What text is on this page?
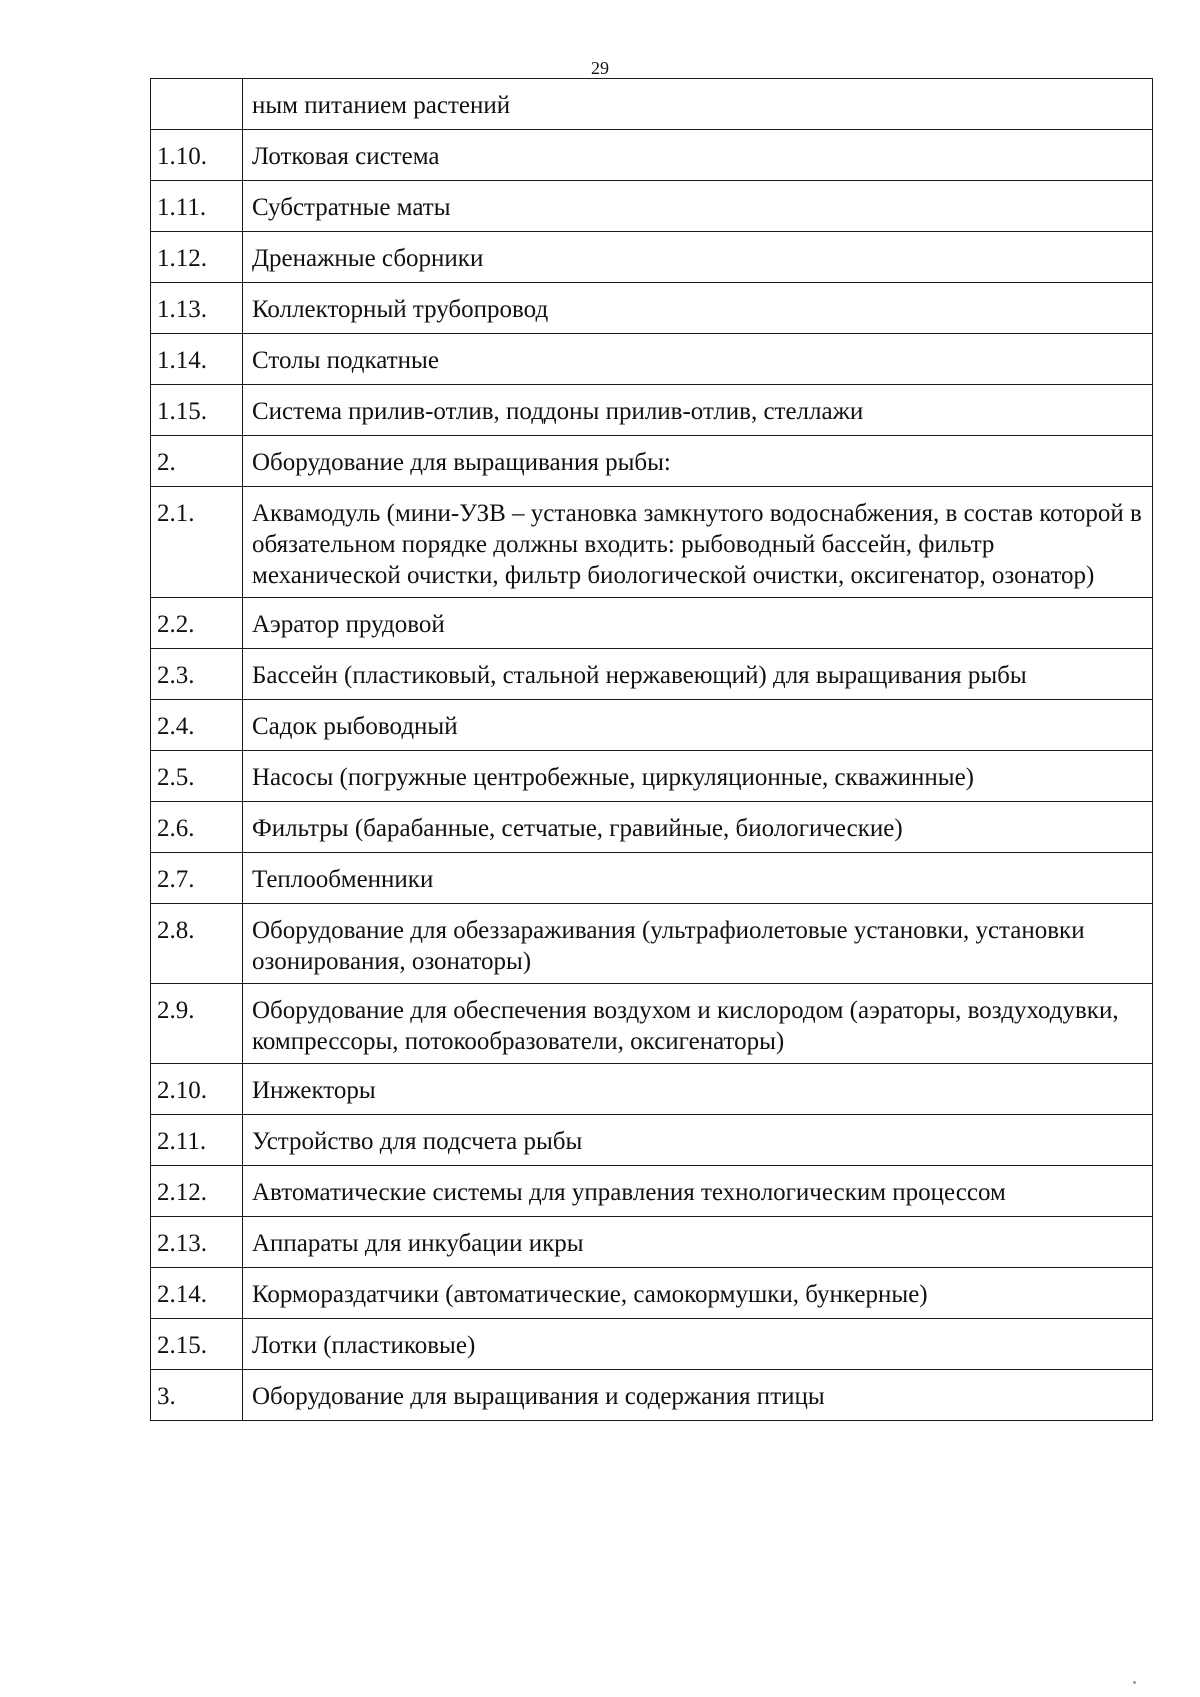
29
	ным питанием растений
1.10.	Лотковая система
1.11.	Субстратные маты
1.12.	Дренажные сборники
1.13.	Коллекторный трубопровод
1.14.	Столы подкатные
1.15.	Система прилив-отлив, поддоны прилив-отлив, стеллажи
2.	Оборудование для выращивания рыбы:
2.1.	Аквамодуль (мини-УЗВ – установка замкнутого водоснабжения, в состав которой в обязательном порядке должны входить: рыбоводный бассейн, фильтр механической очистки, фильтр биологической очистки, оксигенатор, озонатор)
2.2.	Аэратор прудовой
2.3.	Бассейн (пластиковый, стальной нержавеющий) для выращивания рыбы
2.4.	Садок рыбоводный
2.5.	Насосы (погружные центробежные, циркуляционные, скважинные)
2.6.	Фильтры (барабанные, сетчатые, гравийные, биологические)
2.7.	Теплообменники
2.8.	Оборудование для обеззараживания (ультрафиолетовые установки, установки озонирования, озонаторы)
2.9.	Оборудование для обеспечения воздухом и кислородом (аэраторы, воздуходувки, компрессоры, потокообразователи, оксигенаторы)
2.10.	Инжекторы
2.11.	Устройство для подсчета рыбы
2.12.	Автоматические системы для управления технологическим процессом
2.13.	Аппараты для инкубации икры
2.14.	Кормораздатчики (автоматические, самокормушки, бункерные)
2.15.	Лотки (пластиковые)
3.	Оборудование для выращивания и содержания птицы
